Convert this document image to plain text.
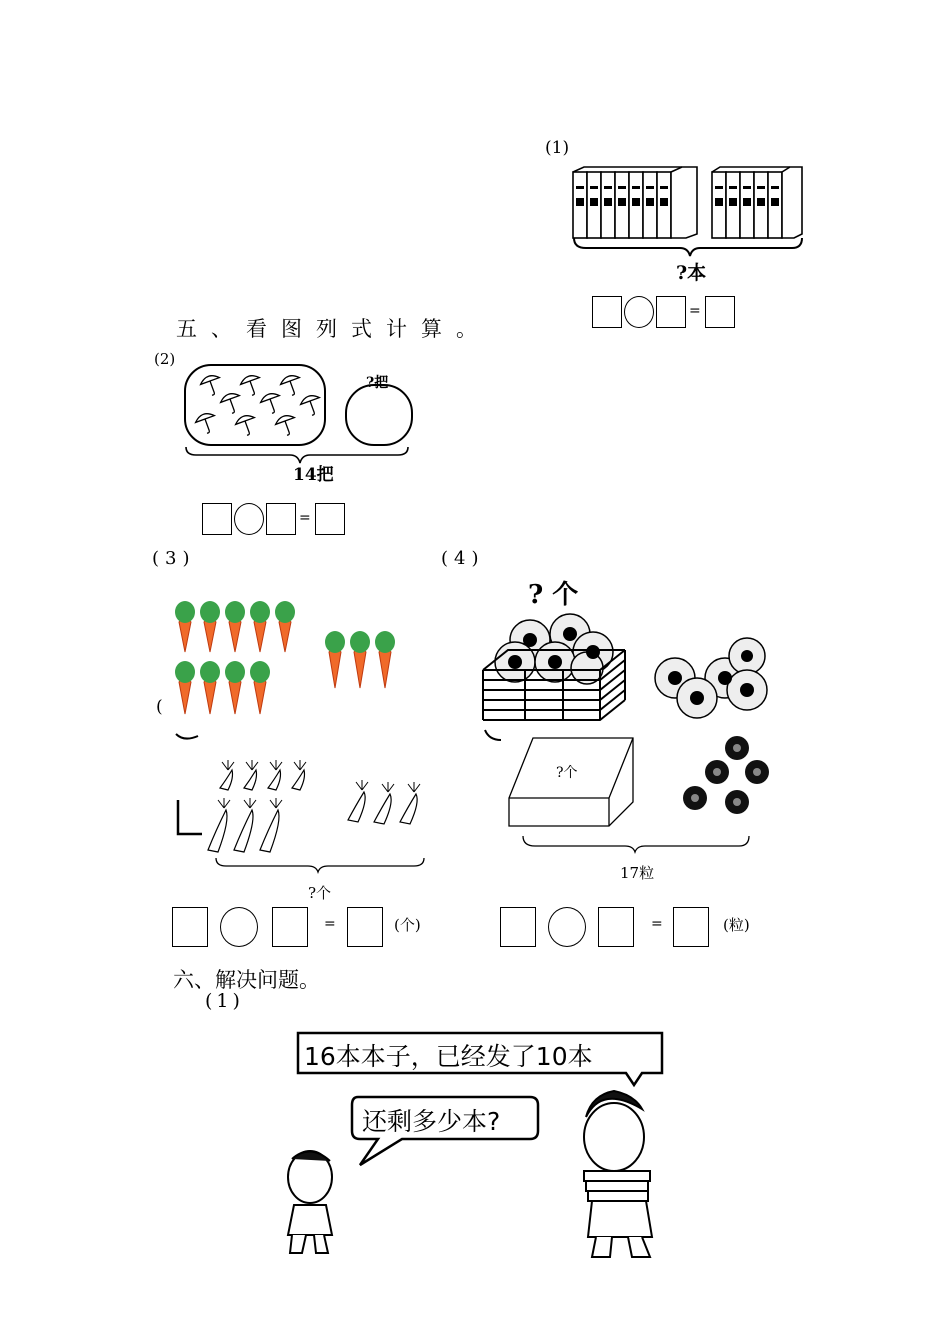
(1)
?本
=
五、看图列式计算。
(2)
?把
14把
=
(3)
(
?个
=	(个)
(4)
? 个
?个
17粒
=	(粒)
六、解决问题。
(1)
16本本子，已经发了10本
还剩多少本?
